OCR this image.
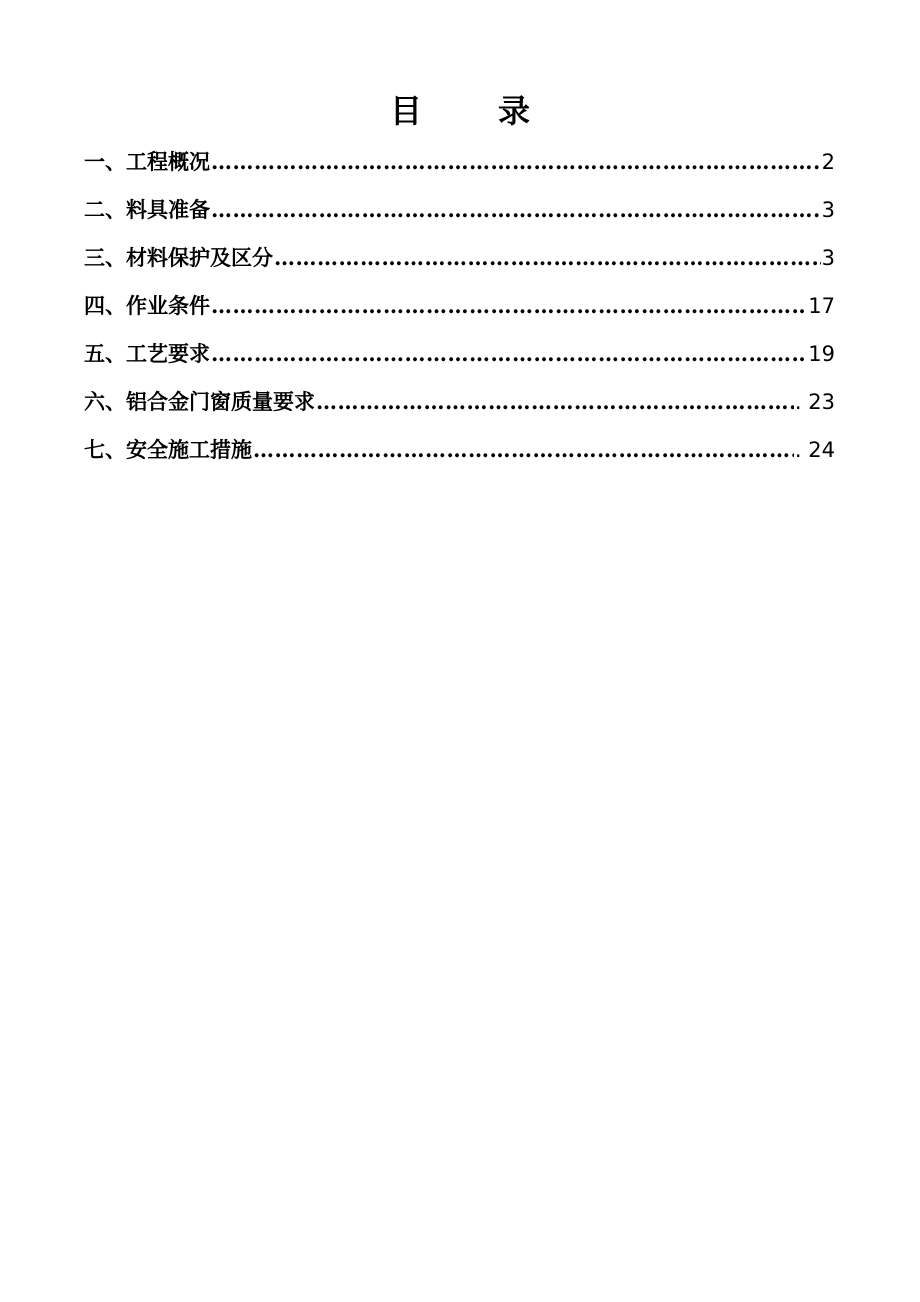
目 录
一 、 工程概况 ……………………………………………………………………………………………………………………………………………………………………………………………………	2
二 、 料具准备 ……………………………………………………………………………………………………………………………………………………………………………………………………	3
三 、 材料保护及区分 ……………………………………………………………………………………………………………………………………………………………………………………………………	3
四 、 作业条件 ……………………………………………………………………………………………………………………………………………………………………………………………………	17
五 、 工艺要求 ……………………………………………………………………………………………………………………………………………………………………………………………………	19
六 、 铝合金门窗质量要求 ……………………………………………………………………………………………………………………………………………………………………………………………………	. 23
七 、 安全施工措施 ……………………………………………………………………………………………………………………………………………………………………………………………………	. 24
